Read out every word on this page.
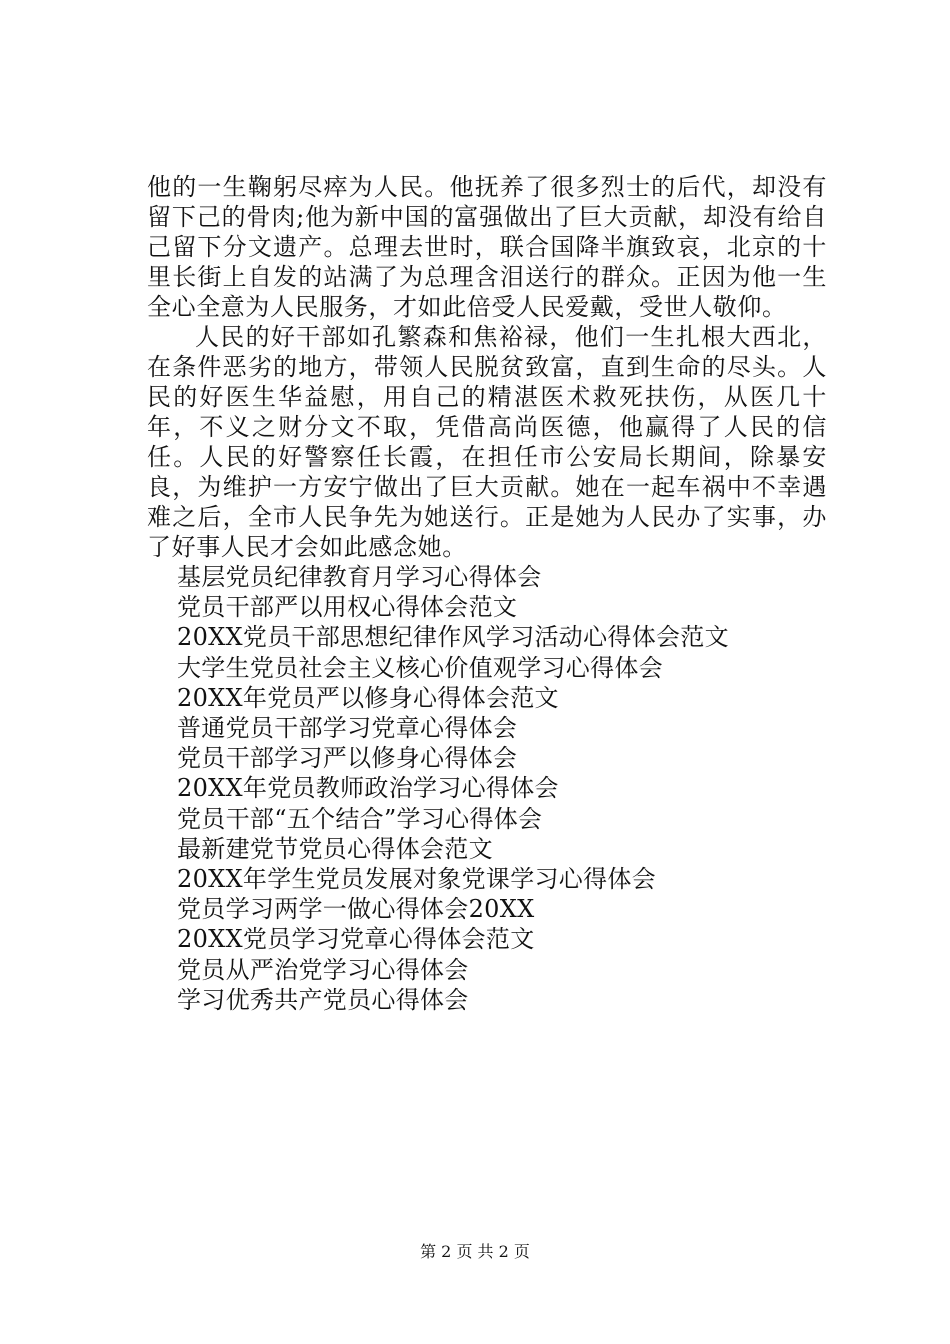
他的一生鞠躬尽瘁为人民。他抚养了很多烈士的后代，却没有留下己的骨肉;他为新中国的富强做出了巨大贡献，却没有给自己留下分文遗产。总理去世时，联合国降半旗致哀，北京的十里长街上自发的站满了为总理含泪送行的群众。正因为他一生全心全意为人民服务，才如此倍受人民爱戴，受世人敬仰。

人民的好干部如孔繁森和焦裕禄，他们一生扎根大西北，在条件恶劣的地方，带领人民脱贫致富，直到生命的尽头。人民的好医生华益慰，用自己的精湛医术救死扶伤，从医几十年，不义之财分文不取，凭借高尚医德，他赢得了人民的信任。人民的好警察任长霞，在担任市公安局长期间，除暴安良，为维护一方安宁做出了巨大贡献。她在一起车祸中不幸遇难之后，全市人民争先为她送行。正是她为人民办了实事，办了好事人民才会如此感念她。

基层党员纪律教育月学习心得体会
党员干部严以用权心得体会范文
20XX党员干部思想纪律作风学习活动心得体会范文
大学生党员社会主义核心价值观学习心得体会
20XX年党员严以修身心得体会范文
普通党员干部学习党章心得体会
党员干部学习严以修身心得体会
20XX年党员教师政治学习心得体会
党员干部“五个结合”学习心得体会
最新建党节党员心得体会范文
20XX年学生党员发展对象党课学习心得体会
党员学习两学一做心得体会20XX
20XX党员学习党章心得体会范文
党员从严治党学习心得体会
学习优秀共产党员心得体会
第 2 页 共 2 页
